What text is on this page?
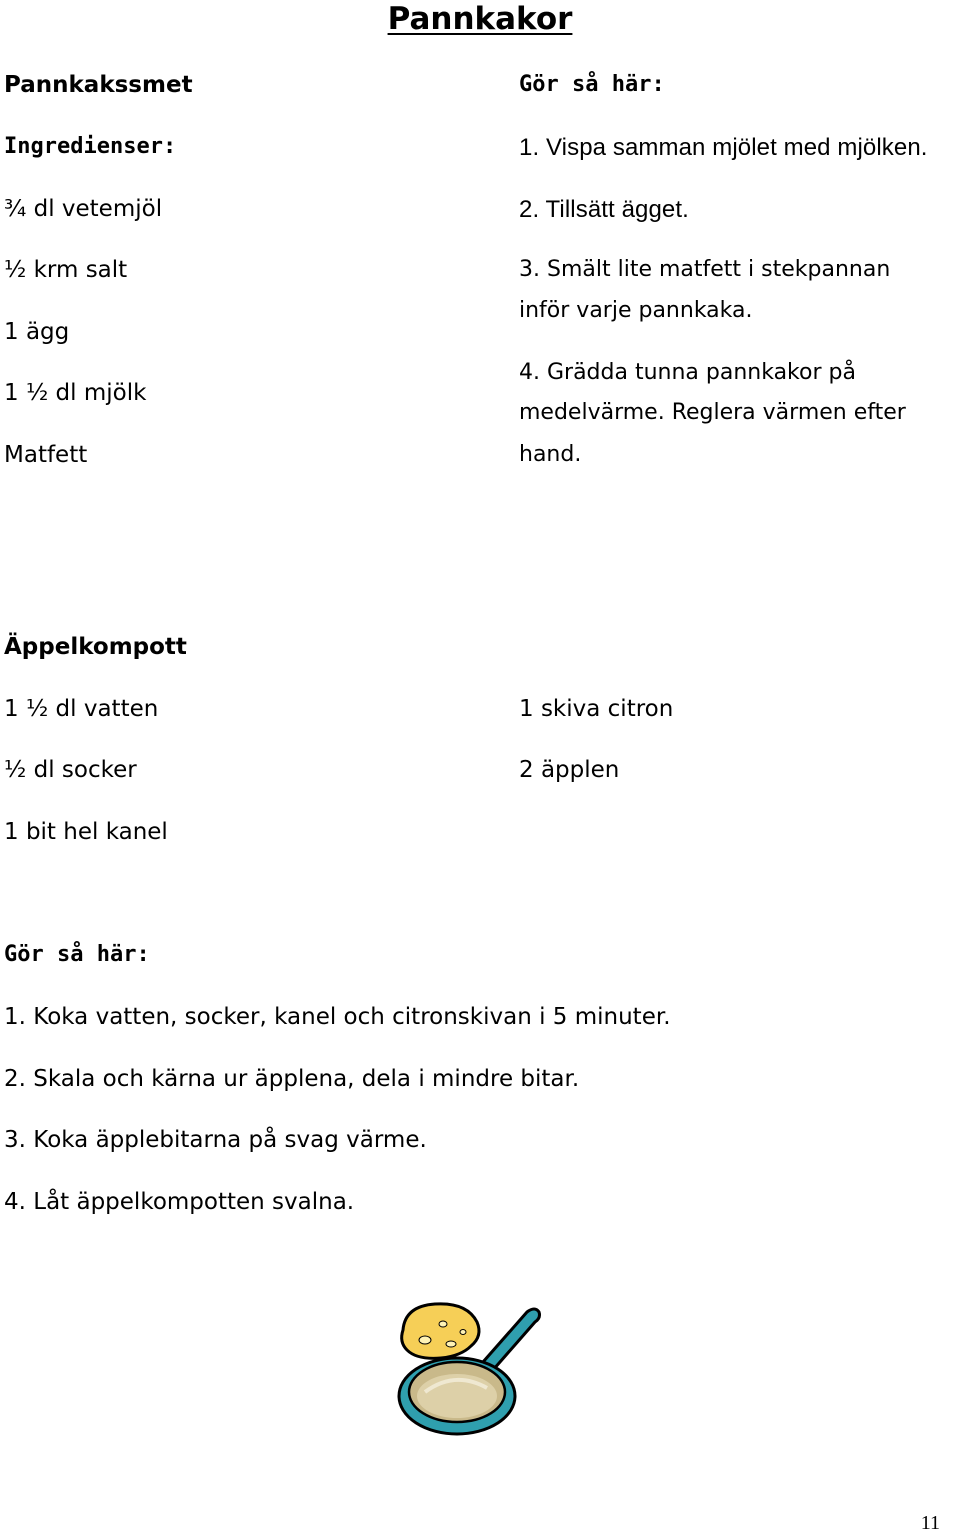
Pannkakor
Pannkakssmet
Ingredienser:
¾ dl vetemjöl
½ krm salt
1 ägg
1 ½ dl mjölk
Matfett
Gör så här:
1. Vispa samman mjölet med mjölken.
2. Tillsätt ägget.
3. Smält lite matfett i stekpannan
inför varje pannkaka.
4. Grädda tunna pannkakor på
medelvärme. Reglera värmen efter
hand.
Äppelkompott
1 ½ dl vatten
½ dl socker
1 bit hel kanel
1 skiva citron
2 äpplen
Gör så här:
1. Koka vatten, socker, kanel och citronskivan i 5 minuter.
2. Skala och kärna ur äpplena, dela i mindre bitar.
3. Koka äpplebitarna på svag värme.
4. Låt äppelkompotten svalna.
11
